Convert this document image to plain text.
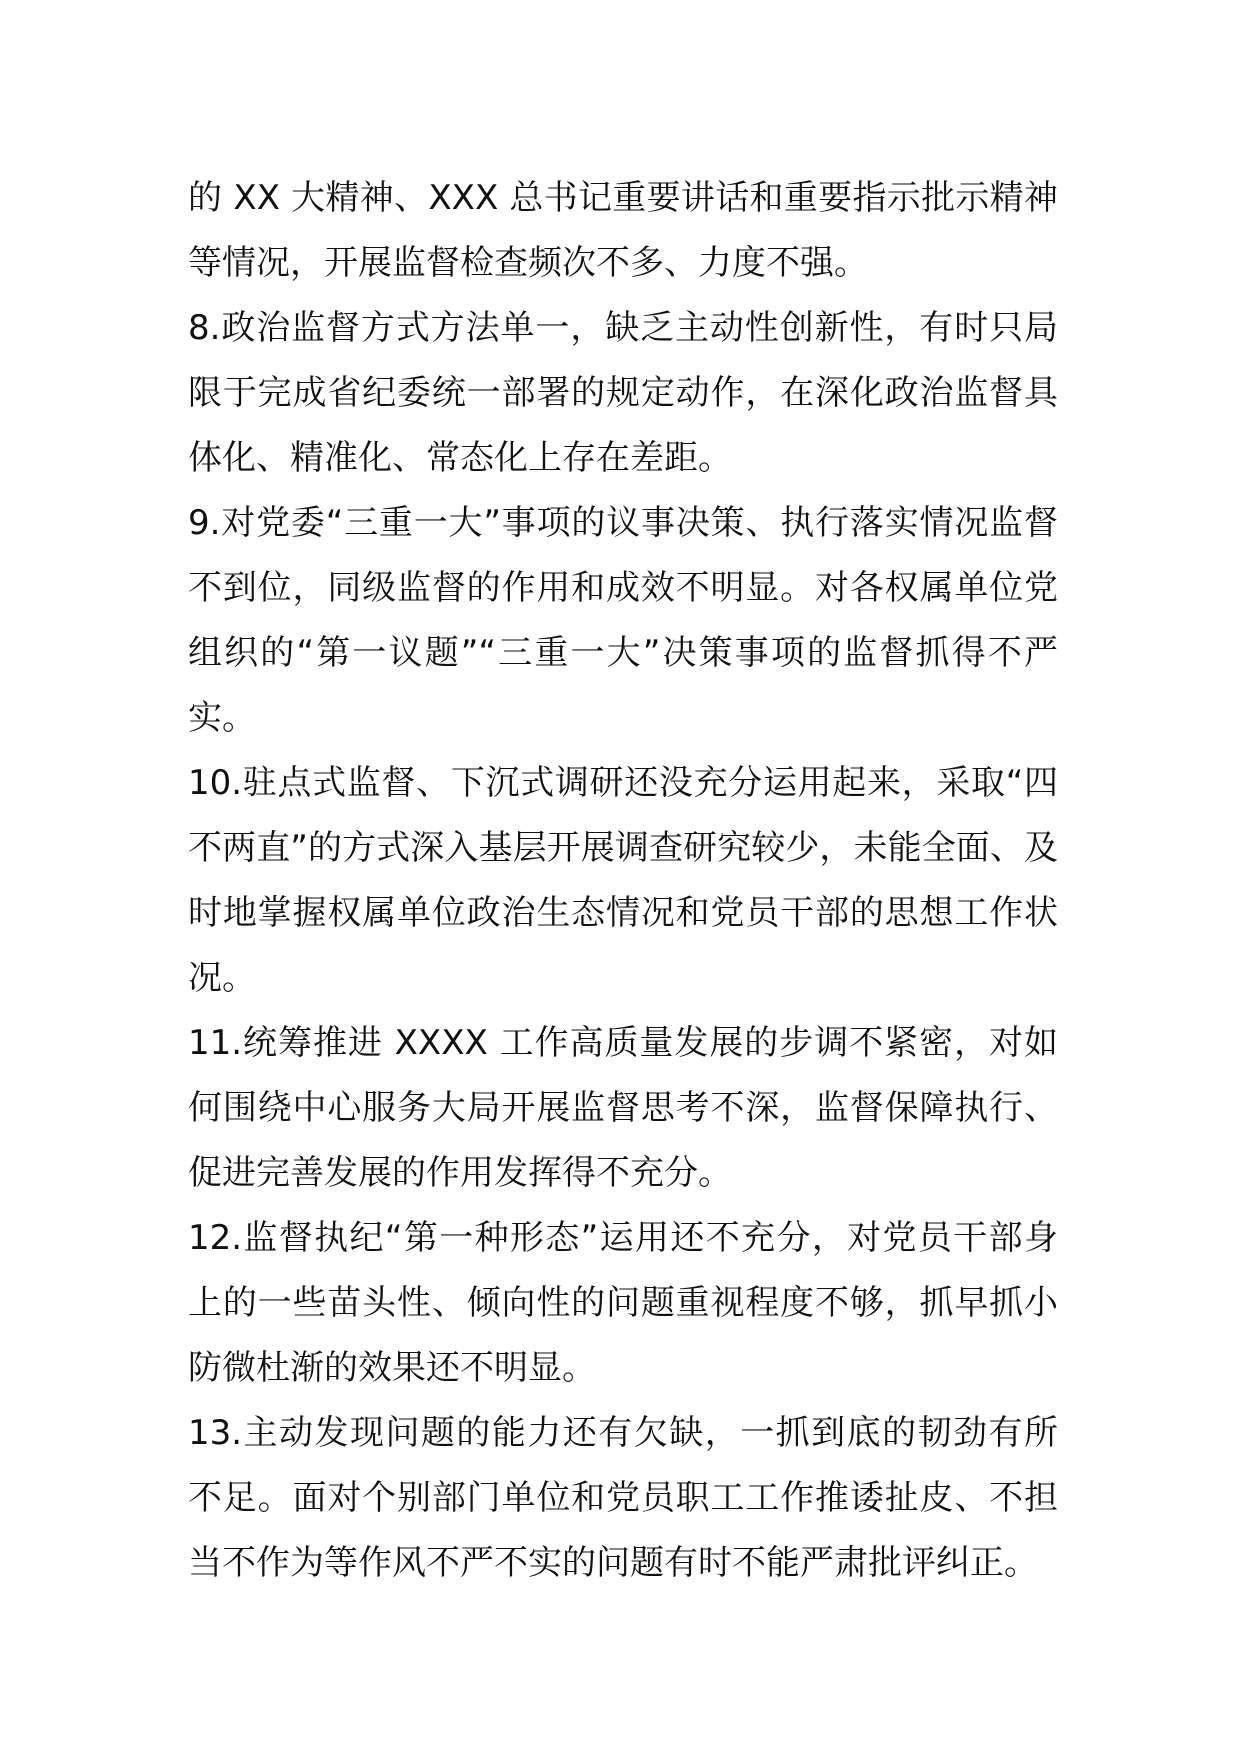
的 XX 大精神、XXX 总书记重要讲话和重要指示批示精神等情况，开展监督检查频次不多、力度不强。

8.政治监督方式方法单一，缺乏主动性创新性，有时只局限于完成省纪委统一部署的规定动作，在深化政治监督具体化、精准化、常态化上存在差距。

9.对党委“三重一大”事项的议事决策、执行落实情况监督不到位，同级监督的作用和成效不明显。对各权属单位党组织的“第一议题”“三重一大”决策事项的监督抓得不严实。

10.驻点式监督、下沉式调研还没充分运用起来，采取“四不两直”的方式深入基层开展调查研究较少，未能全面、及时地掌握权属单位政治生态情况和党员干部的思想工作状况。

11.统筹推进 XXXX 工作高质量发展的步调不紧密，对如何围绕中心服务大局开展监督思考不深，监督保障执行、促进完善发展的作用发挥得不充分。

12.监督执纪“第一种形态”运用还不充分，对党员干部身上的一些苗头性、倾向性的问题重视程度不够，抓早抓小防微杜渐的效果还不明显。

13.主动发现问题的能力还有欠缺，一抓到底的韧劲有所不足。面对个别部门单位和党员职工工作推诿扯皮、不担当不作为等作风不严不实的问题有时不能严肃批评纠正。
